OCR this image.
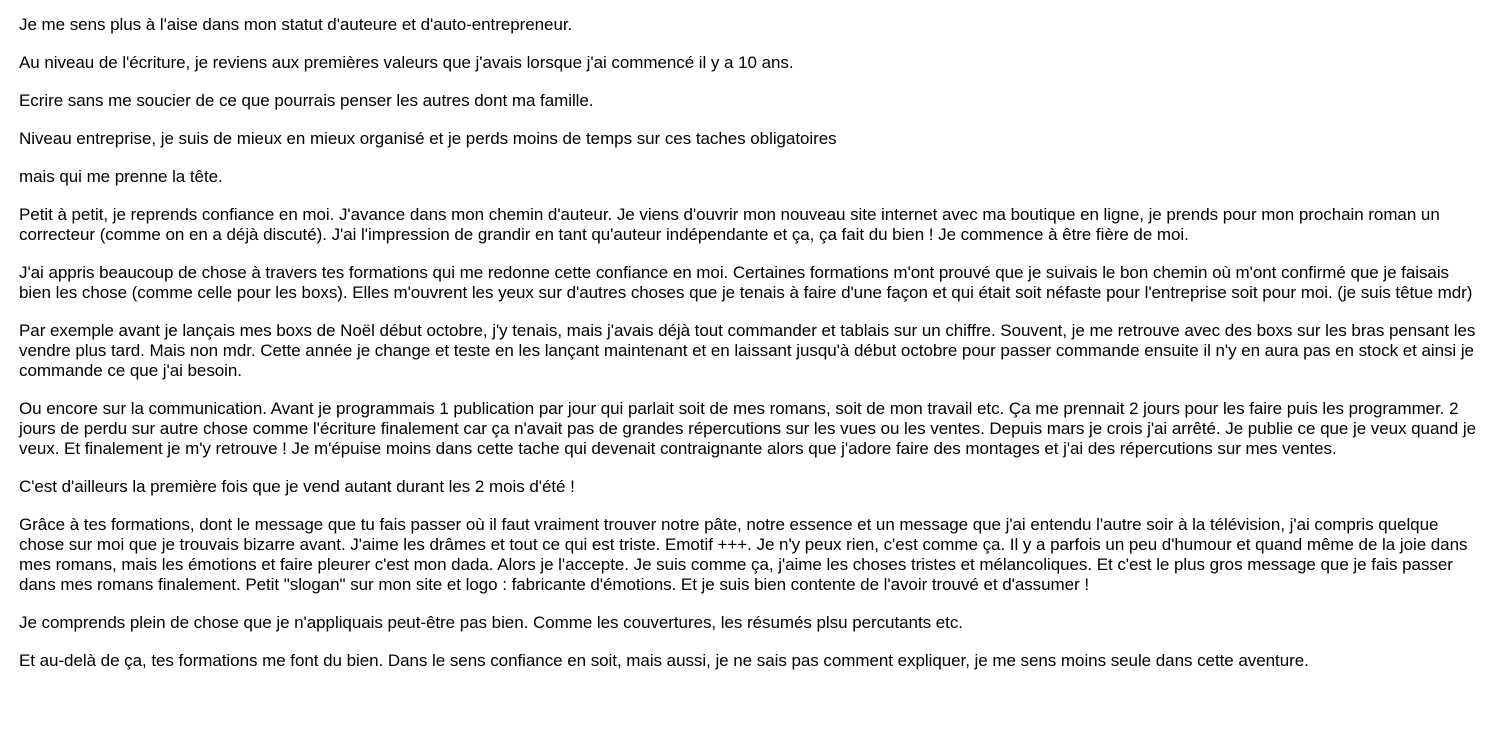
Je me sens plus à l'aise dans mon statut d'auteure et d'auto-entrepreneur.

Au niveau de l'écriture, je reviens aux premières valeurs que j'avais lorsque j'ai commencé il y a 10 ans.

Ecrire sans me soucier de ce que pourrais penser les autres dont ma famille.

Niveau entreprise, je suis de mieux en mieux organisé et je perds moins de temps sur ces taches obligatoires

mais qui me prenne la tête.

Petit à petit, je reprends confiance en moi. J'avance dans mon chemin d'auteur. Je viens d'ouvrir mon nouveau site internet avec ma boutique en ligne, je prends pour mon prochain roman un correcteur (comme on en a déjà discuté). J'ai l'impression de grandir en tant qu'auteur indépendante et ça, ça fait du bien ! Je commence à être fière de moi.

J'ai appris beaucoup de chose à travers tes formations qui me redonne cette confiance en moi. Certaines formations m'ont prouvé que je suivais le bon chemin où m'ont confirmé que je faisais bien les chose (comme celle pour les boxs). Elles m'ouvrent les yeux sur d'autres choses que je tenais à faire d'une façon et qui était soit néfaste pour l'entreprise soit pour moi. (je suis têtue mdr)

Par exemple avant je lançais mes boxs de Noël début octobre, j'y tenais, mais j'avais déjà tout commander et tablais sur un chiffre. Souvent, je me retrouve avec des boxs sur les bras pensant les vendre plus tard. Mais non mdr. Cette année je change et teste en les lançant maintenant et en laissant jusqu'à début octobre pour passer commande ensuite il n'y en aura pas en stock et ainsi je commande ce que j'ai besoin.

Ou encore sur la communication. Avant je programmais 1 publication par jour qui parlait soit de mes romans, soit de mon travail etc. Ça me prennait 2 jours pour les faire puis les programmer. 2 jours de perdu sur autre chose comme l'écriture finalement car ça n'avait pas de grandes répercutions sur les vues ou les ventes. Depuis mars je crois j'ai arrêté. Je publie ce que je veux quand je veux. Et finalement je m'y retrouve ! Je m'épuise moins dans cette tache qui devenait contraignante alors que j'adore faire des montages et j'ai des répercutions sur mes ventes.

C'est d'ailleurs la première fois que je vend autant durant les 2 mois d'été !

Grâce à tes formations, dont le message que tu fais passer où il faut vraiment trouver notre pâte, notre essence et un message que j'ai entendu l'autre soir à la télévision, j'ai compris quelque chose sur moi que je trouvais bizarre avant. J'aime les drâmes et tout ce qui est triste. Emotif +++. Je n'y peux rien, c'est comme ça. Il y a parfois un peu d'humour et quand même de la joie dans mes romans, mais les émotions et faire pleurer c'est mon dada. Alors je l'accepte. Je suis comme ça, j'aime les choses tristes et mélancoliques. Et c'est le plus gros message que je fais passer dans mes romans finalement. Petit "slogan" sur mon site et logo : fabricante d'émotions. Et je suis bien contente de l'avoir trouvé et d'assumer !

Je comprends plein de chose que je n'appliquais peut-être pas bien. Comme les couvertures, les résumés plsu percutants etc.

Et au-delà de ça, tes formations me font du bien. Dans le sens confiance en soit, mais aussi, je ne sais pas comment expliquer, je me sens moins seule dans cette aventure.
